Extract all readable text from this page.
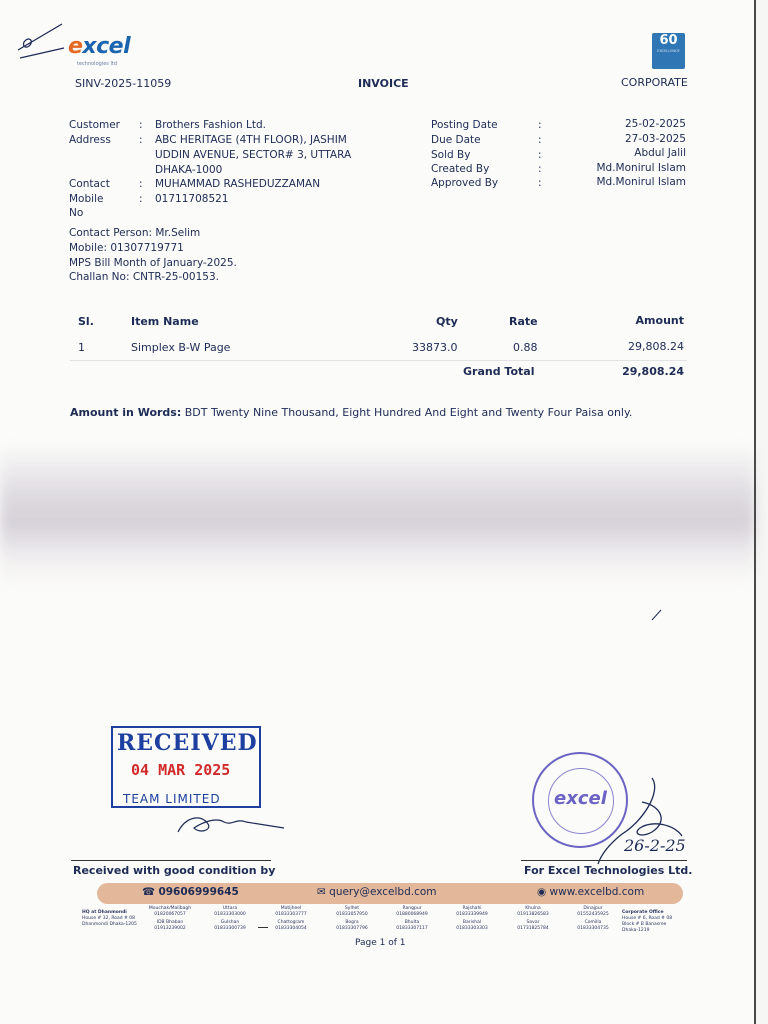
excel
technologies ltd
60
EXCELLENCE
SINV-2025-11059	INVOICE	CORPORATE
Customer : Brothers Fashion Ltd.
Address	: ABC HERITAGE (4TH FLOOR), JASHIM
UDDIN AVENUE, SECTOR# 3, UTTARA
DHAKA-1000
Contact	: MUHAMMAD RASHEDUZZAMAN
Mobile
No
: 01711708521
Posting Date	:	25-02-2025
Due Date	:	27-03-2025
Sold By	:	Abdul Jalil
Created By	:	Md.Monirul Islam
Approved By	:	Md.Monirul Islam
Contact Person: Mr.Selim
Mobile: 01307719771
MPS Bill Month of January-2025.
Challan No: CNTR-25-00153.
Sl.	Item Name	Qty	Rate	Amount
1	Simplex B-W Page	33873.0	0.88	29,808.24
Grand Total	29,808.24
Amount in Words: BDT Twenty Nine Thousand, Eight Hundred And Eight and Twenty Four Paisa only.
RECEIVED
04 MAR 2025
TEAM LIMITED	excel
26-2-25
Received with good condition by	For Excel Technologies Ltd.
☎ 09606999645	✉ query@excelbd.com	◉ www.excelbd.com
HQ at Dhanmondi
House # 32, Road # 08 Dhanmondi Dhaka-1205
Mouchak/Malibagh
01820067057
Uttara
01833303000
Motijheel
01833303777
Sylhet
01833057950
Rangpur
01880068949
Rajshahi
01833339949
Khulna
01913826583
Dinajpur
01552435925
IDB Bhaban
01913239002
Gulshan
01833300739
Chattogram
01833304054
Bogra
01833307796
Bhulta
01833307117
Barishal
01833303303
Savar
01731825784
Comilla
01833304735
Corporate Office
House # 6, Road # 08 Block # B Banasree Dhaka-1219
Page 1 of 1
